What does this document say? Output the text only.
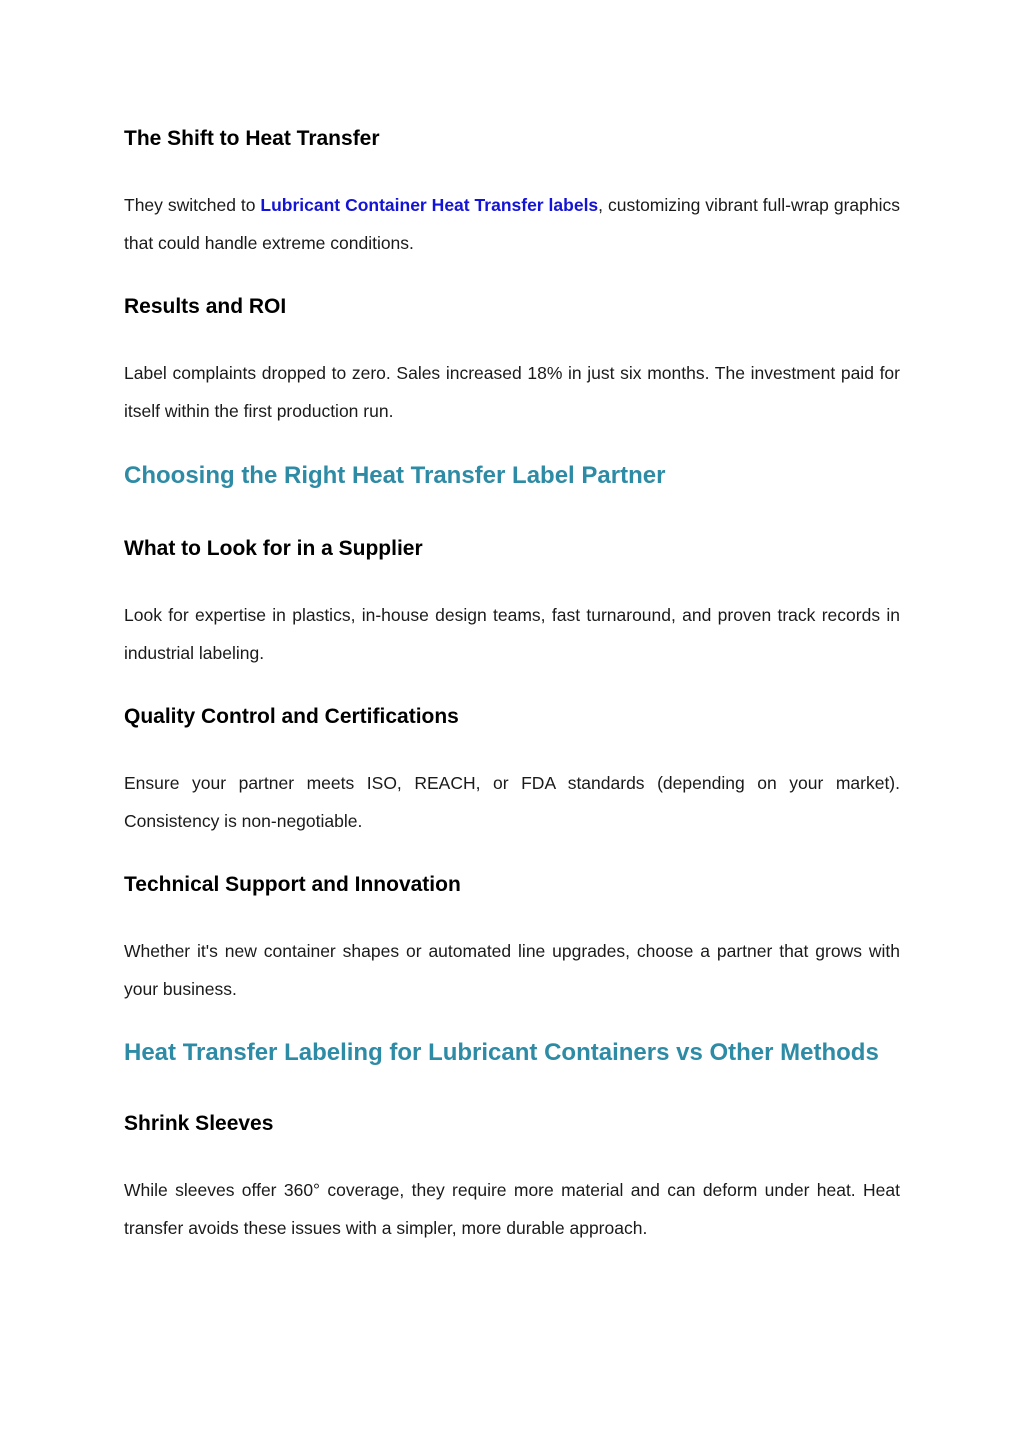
The Shift to Heat Transfer

They switched to Lubricant Container Heat Transfer labels, customizing vibrant full-wrap graphics that could handle extreme conditions.

Results and ROI

Label complaints dropped to zero. Sales increased 18% in just six months. The investment paid for itself within the first production run.

Choosing the Right Heat Transfer Label Partner
What to Look for in a Supplier

Look for expertise in plastics, in-house design teams, fast turnaround, and proven track records in industrial labeling.

Quality Control and Certifications

Ensure your partner meets ISO, REACH, or FDA standards (depending on your market). Consistency is non-negotiable.

Technical Support and Innovation

Whether it's new container shapes or automated line upgrades, choose a partner that grows with your business.

Heat Transfer Labeling for Lubricant Containers vs Other Methods
Shrink Sleeves

While sleeves offer 360° coverage, they require more material and can deform under heat. Heat transfer avoids these issues with a simpler, more durable approach.
